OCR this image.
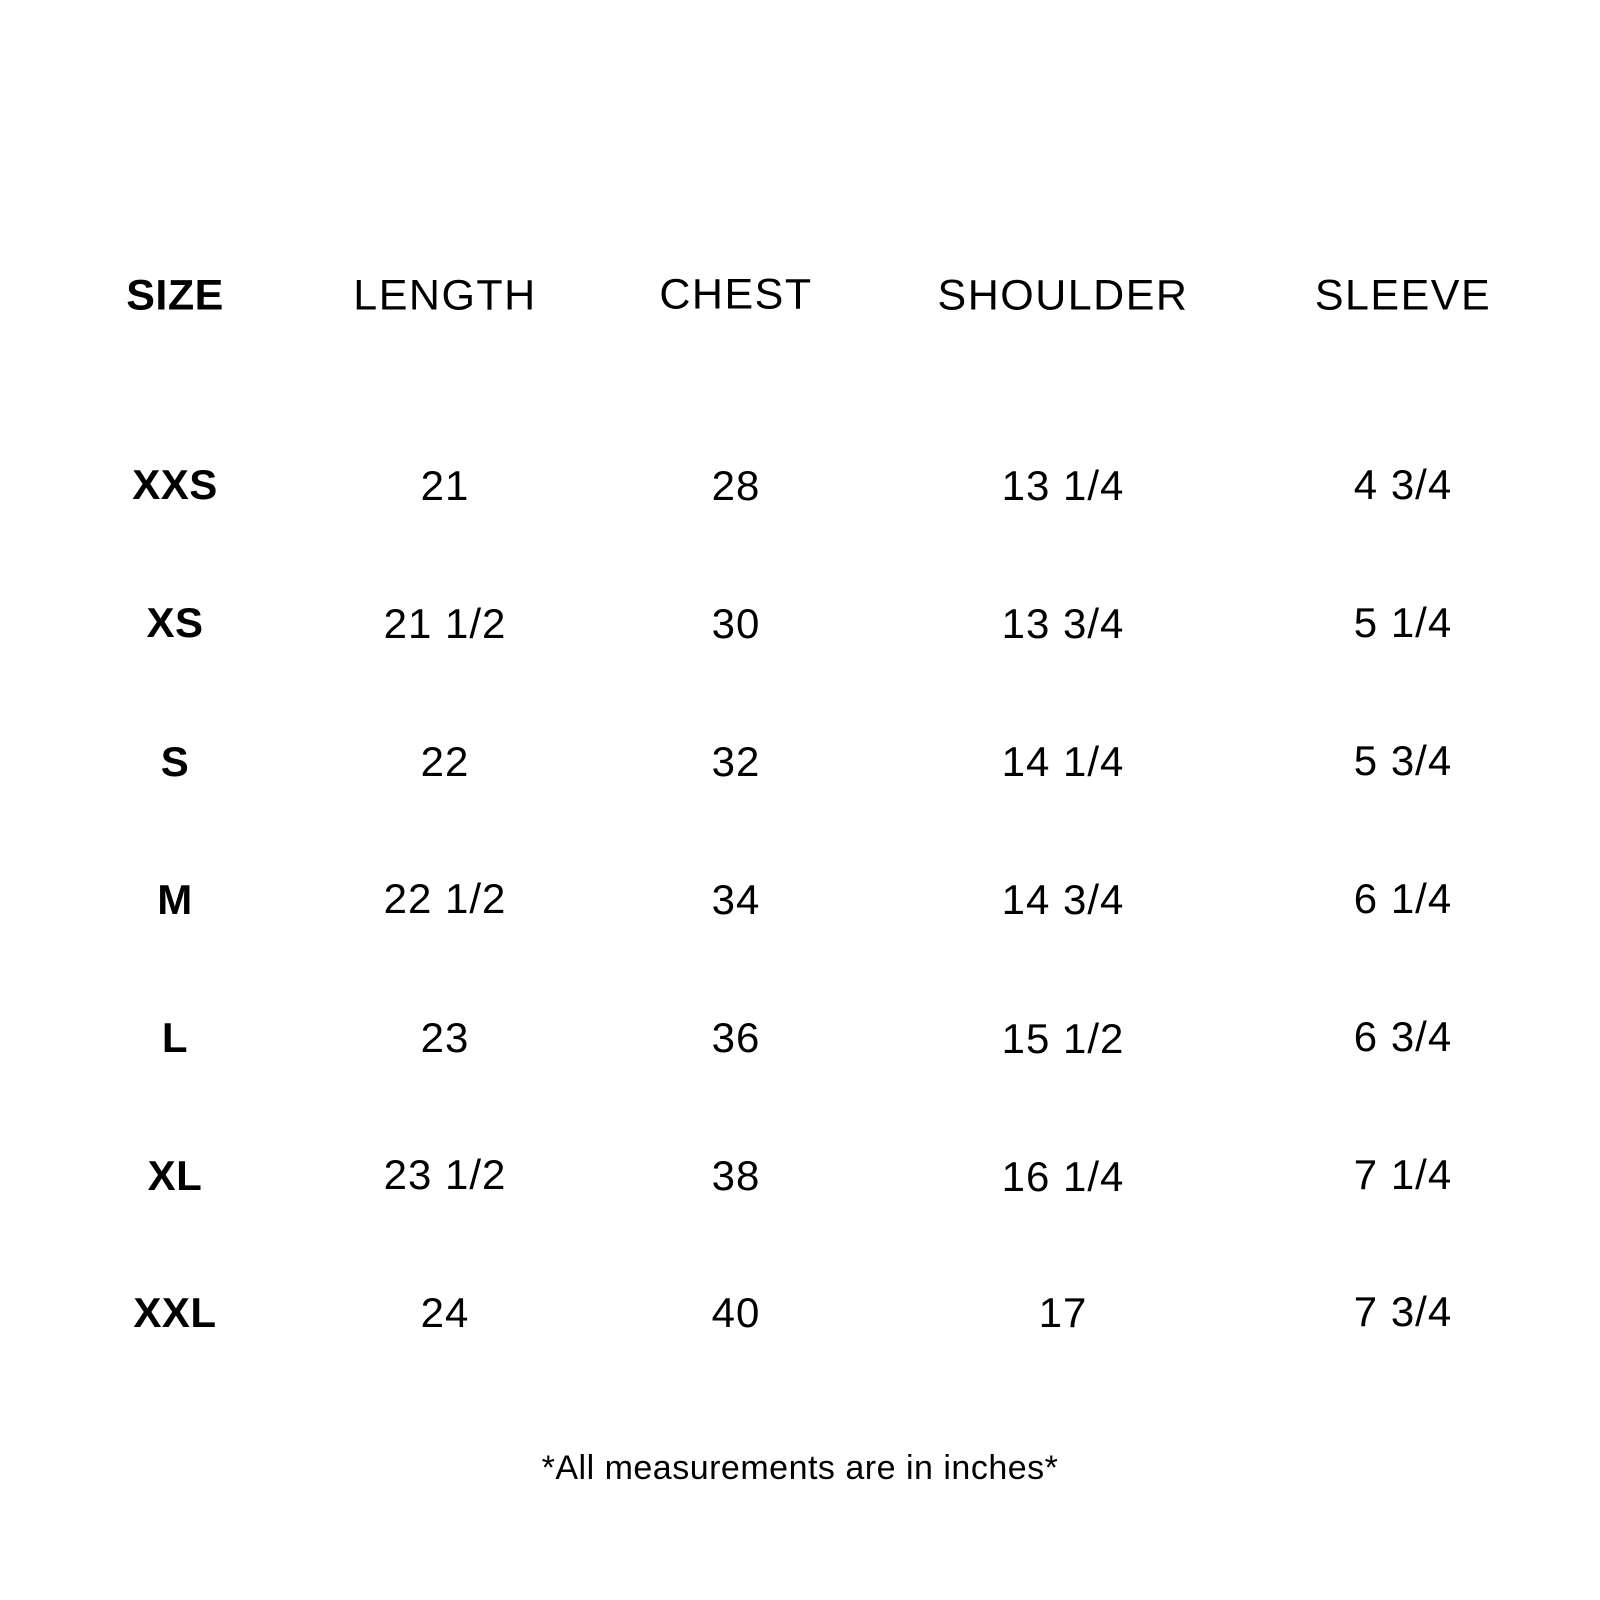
SIZE	LENGTH	CHEST	SHOULDER	SLEEVE
XXS	21	28	13 1/4	4 3/4
XS	21 1/2	30	13 3/4	5 1/4
S	22	32	14 1/4	5 3/4
M	22 1/2	34	14 3/4	6 1/4
L	23	36	15 1/2	6 3/4
XL	23 1/2	38	16 1/4	7 1/4
XXL	24	40	17	7 3/4
*All measurements are in inches*
